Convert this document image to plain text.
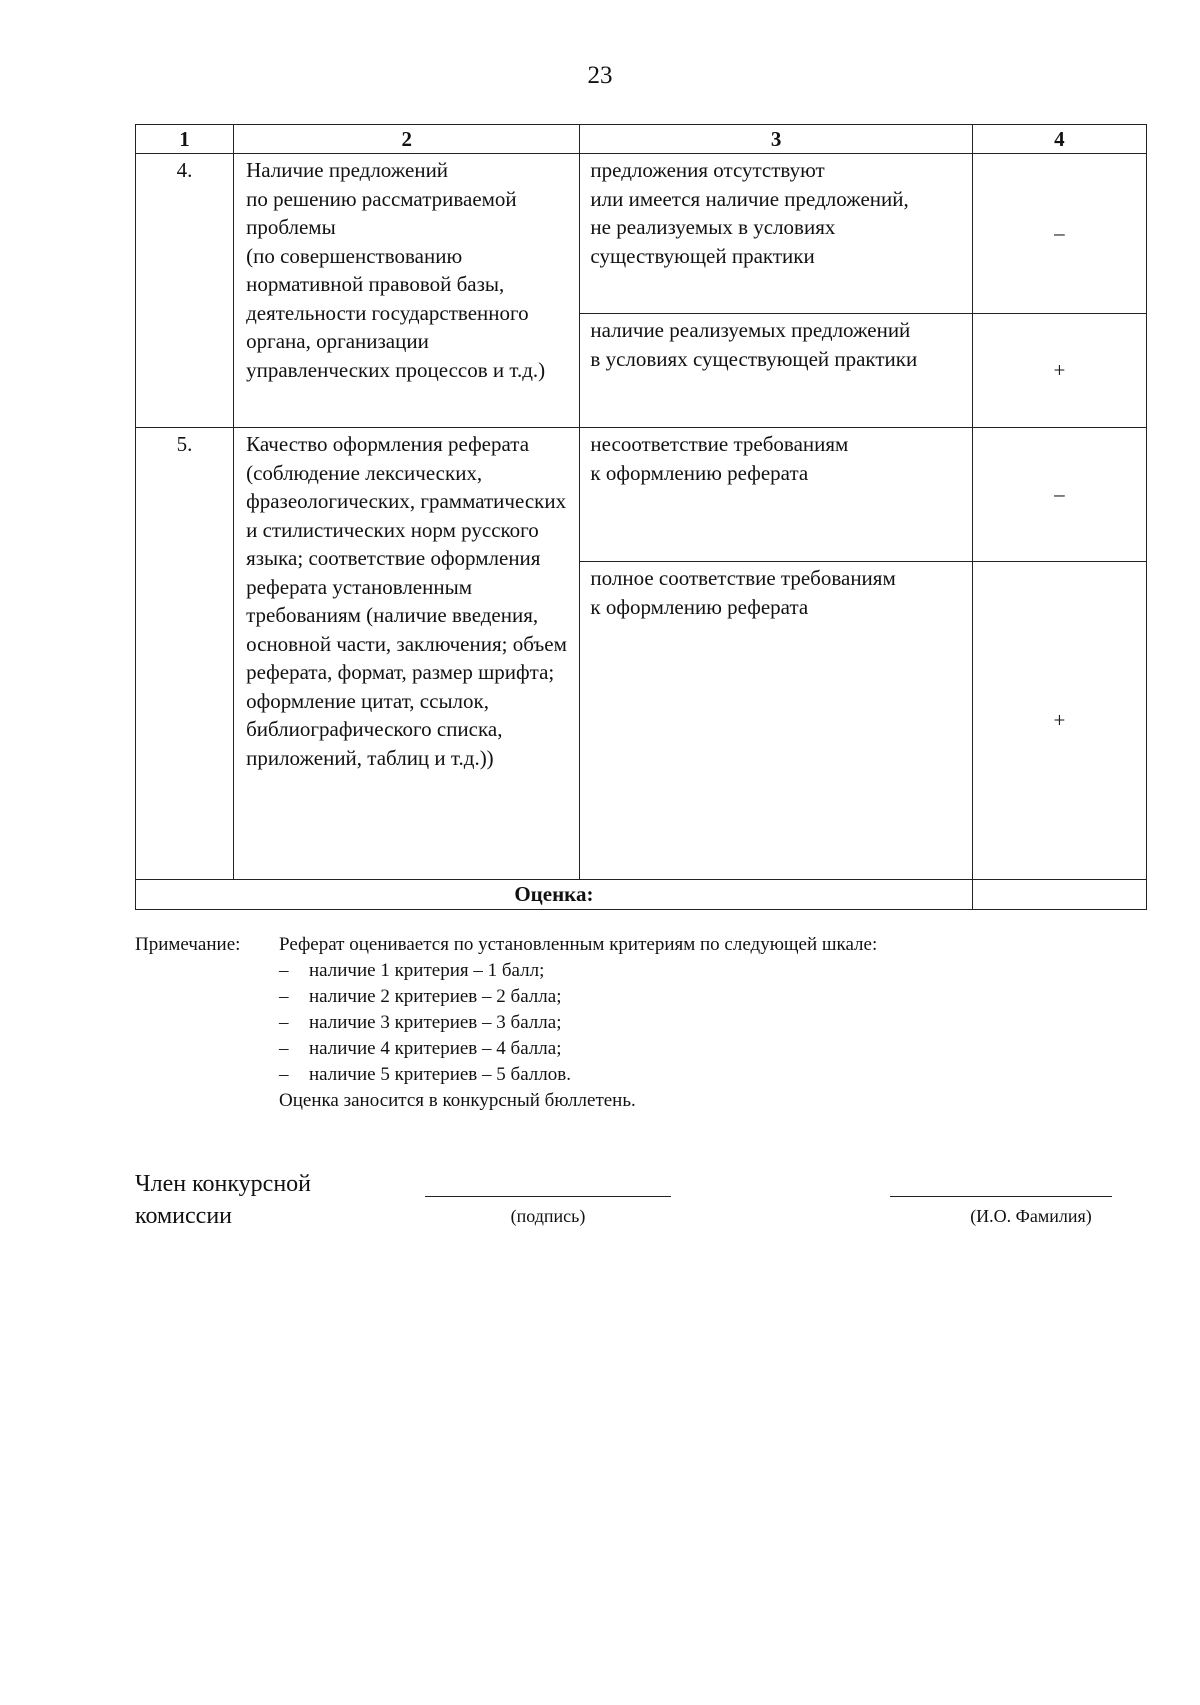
23
1	2	3	4
4.	Наличие предложений
по решению рассматриваемой проблемы
(по совершенствованию нормативной правовой базы, деятельности государственного органа, организации управленческих процессов и т.д.)	предложения отсутствуют
или имеется наличие предложений,
не реализуемых в условиях существующей практики	–
		наличие реализуемых предложений
в условиях существующей практики	+
5.	Качество оформления реферата (соблюдение лексических, фразеологических, грамматических и стилистических норм русского языка; соответствие оформления реферата установленным требованиям (наличие введения, основной части, заключения; объем реферата, формат, размер шрифта; оформление цитат, ссылок, библиографического списка, приложений, таблиц и т.д.))	несоответствие требованиям
к оформлению реферата	–
		полное соответствие требованиям
к оформлению реферата	+
Оценка:			
Примечание: Реферат оценивается по установленным критериям по следующей шкале:
– наличие 1 критерия – 1 балл;
– наличие 2 критериев – 2 балла;
– наличие 3 критериев – 3 балла;
– наличие 4 критериев – 4 балла;
– наличие 5 критериев – 5 баллов.
Оценка заносится в конкурсный бюллетень.
Член конкурсной
комиссии	(подпись)	(И.О. Фамилия)
